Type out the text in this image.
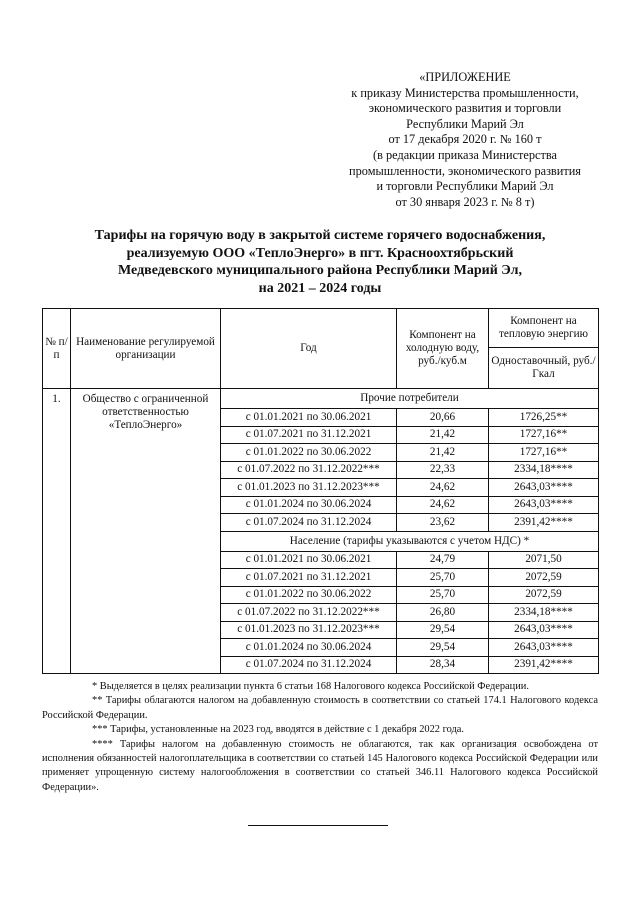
«ПРИЛОЖЕНИЕ
к приказу Министерства промышленности,
экономического развития и торговли
Республики Марий Эл
от 17 декабря 2020 г. № 160 т
(в редакции приказа Министерства
промышленности, экономического развития
и торговли Республики Марий Эл
от 30 января 2023 г. № 8 т)
Тарифы на горячую воду в закрытой системе горячего водоснабжения,
реализуемую ООО «ТеплоЭнерго» в пгт. Красноохтябрьский
Медведевского муниципального района Республики Марий Эл,
на 2021 – 2024 годы
№ п/п	Наименование регулируемой организации	Год	Компонент на холодную воду, руб./куб.м	Компонент на тепловую энергию
				Одноставочный, руб./Гкал
1.	Общество с ограниченной ответственностью «ТеплоЭнерго»	Прочие потребители		
		с 01.01.2021 по 30.06.2021	20,66	1726,25**
		с 01.07.2021 по 31.12.2021	21,42	1727,16**
		с 01.01.2022 по 30.06.2022	21,42	1727,16**
		с 01.07.2022 по 31.12.2022***	22,33	2334,18****
		с 01.01.2023 по 31.12.2023***	24,62	2643,03****
		с 01.01.2024 по 30.06.2024	24,62	2643,03****
		с 01.07.2024 по 31.12.2024	23,62	2391,42****
		Население (тарифы указываются с учетом НДС) *		
		с 01.01.2021 по 30.06.2021	24,79	2071,50
		с 01.07.2021 по 31.12.2021	25,70	2072,59
		с 01.01.2022 по 30.06.2022	25,70	2072,59
		с 01.07.2022 по 31.12.2022***	26,80	2334,18****
		с 01.01.2023 по 31.12.2023***	29,54	2643,03****
		с 01.01.2024 по 30.06.2024	29,54	2643,03****
		с 01.07.2024 по 31.12.2024	28,34	2391,42****

* Выделяется в целях реализации пункта 6 статьи 168 Налогового кодекса Российской Федерации.

** Тарифы облагаются налогом на добавленную стоимость в соответствии со статьей 174.1 Налогового кодекса Российской Федерации.

*** Тарифы, установленные на 2023 год, вводятся в действие с 1 декабря 2022 года.

**** Тарифы налогом на добавленную стоимость не облагаются, так как организация освобождена от исполнения обязанностей налогоплательщика в соответствии со статьей 145 Налогового кодекса Российской Федерации или применяет упрощенную систему налогообложения в соответствии со статьей 346.11 Налогового кодекса Российской Федерации».
